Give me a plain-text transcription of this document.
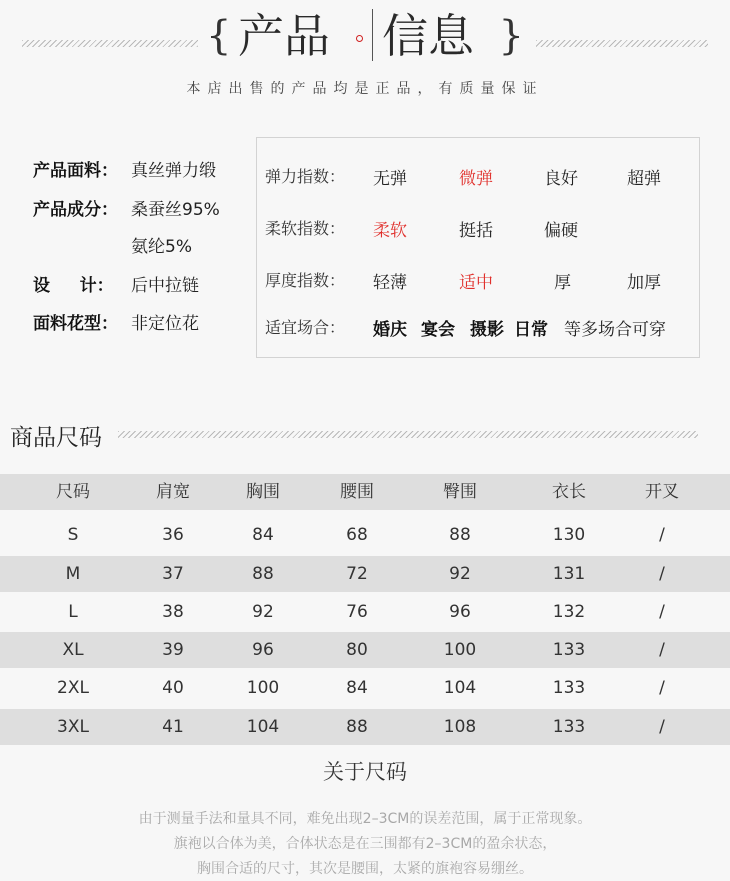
{ 产品 信息 }
本店出售的产品均是正品，有质量保证
产品面料： 真丝弹力缎
产品成分： 桑蚕丝95%
氨纶5%
设     计： 后中拉链
面料花型： 非定位花
弹力指数： 无弹	微弹	良好	超弹
柔软指数： 柔软	挺括	偏硬
厚度指数： 轻薄	适中	厚	加厚
适宜场合： 婚庆 宴会 摄影 日常 等多场合可穿
商品尺码
尺码	肩宽	胸围	腰围	臀围	衣长	开叉
S	36	84	68	88	130	/
M	37	88	72	92	131	/
L	38	92	76	96	132	/
XL	39	96	80	100	133	/
2XL	40	100	84	104	133	/
3XL	41	104	88	108	133	/
关于尺码
由于测量手法和量具不同，难免出现2–3CM的误差范围，属于正常现象。
旗袍以合体为美，合体状态是在三围都有2–3CM的盈余状态，
胸围合适的尺寸，其次是腰围，太紧的旗袍容易绷丝。
